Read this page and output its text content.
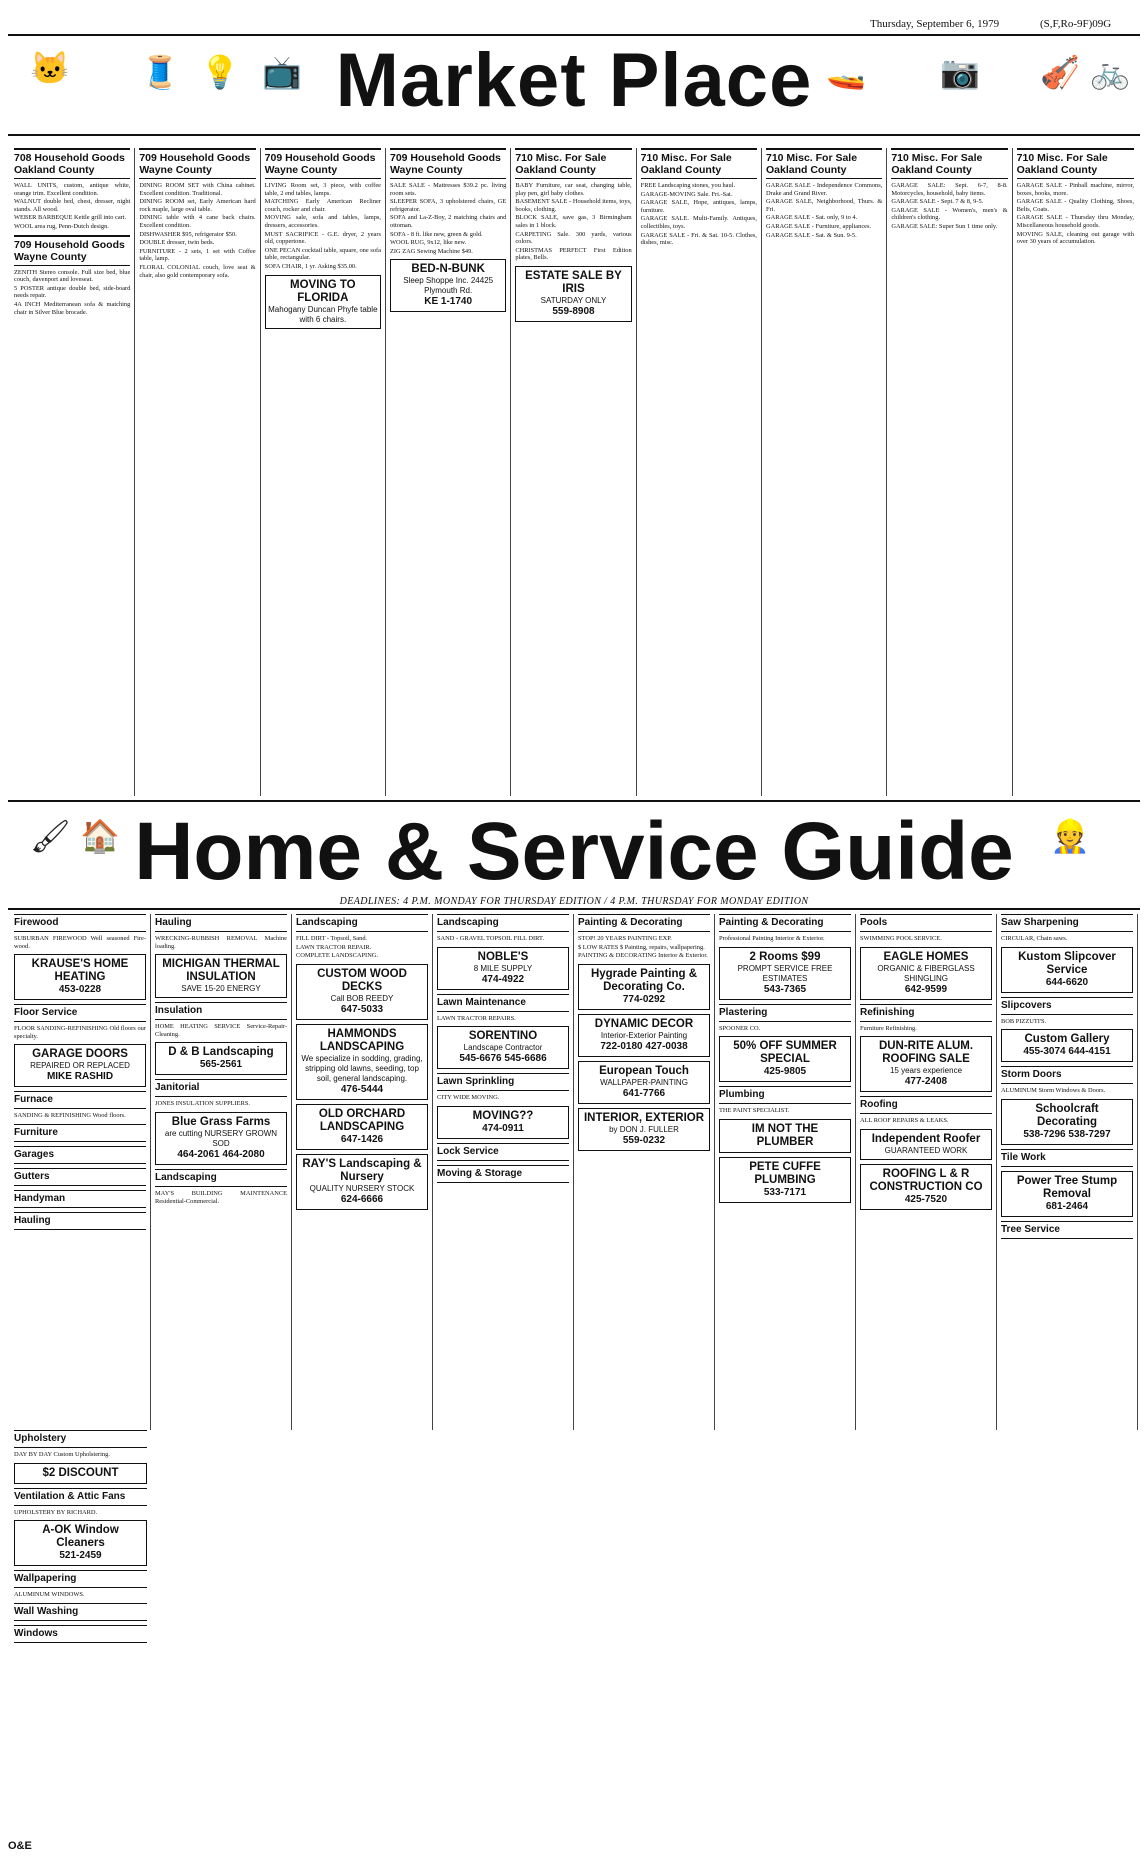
Thursday, September 6, 1979	(S,F,Ro-9F)09G
🐱 🧵 💡 📺	🚤 📷 🎻 🚲
Market Place
708 Household Goods Oakland County
WALL UNITS, custom, antique white, orange trim. Excellent condition.
WALNUT double bed, chest, dresser, night stands. All wood.
WEBER BARBEQUE Kettle grill into cart.
WOOL area rug, Penn-Dutch design.
709 Household Goods Wayne County
ZENITH Stereo console. Full size bed, blue couch, davenport and loveseat.
5 POSTER antique double bed, side-board needs repair.
4A INCH Mediterranean sofa & matching chair in Silver Blue brocade.
709 Household Goods Wayne County
DINING ROOM SET with China cabinet. Excellent condition. Traditional.
DINING ROOM set, Early American hard rock maple, large oval table.
DINING table with 4 cane back chairs. Excellent condition.
DISHWASHER $95, refrigerator $50.
DOUBLE dresser, twin beds.
FURNITURE - 2 sets, 1 set with Coffee table, lamp.
FLORAL COLONIAL couch, love seat & chair, also gold contemporary sofa.
709 Household Goods Wayne County
LIVING Room set, 3 piece, with coffee table, 2 end tables, lamps.
MATCHING Early American Recliner couch, rocker and chair.
MOVING sale, sofa and tables, lamps, dressers, accessories.
MUST SACRIFICE - G.E. dryer, 2 years old, coppertone.
ONE PECAN cocktail table, square, one sofa table, rectangular.
SOFA CHAIR, 1 yr. Asking $35.00.
MOVING TO FLORIDA
Mahogany Duncan Phyfe table with 6 chairs.
709 Household Goods Wayne County
SALE SALE - Mattresses $39.2 pc. living room sets.
SLEEPER SOFA, 3 upholstered chairs, GE refrigerator.
SOFA and La-Z-Boy, 2 matching chairs and ottoman.
SOFA - 8 ft. like new, green & gold.
WOOL RUG, 9x12, like new.
ZIG ZAG Sewing Machine $49.
BED-N-BUNK
Sleep Shoppe Inc. 24425 Plymouth Rd.
KE 1-1740
710 Misc. For Sale Oakland County
BABY Furniture, car seat, changing table, play pen, girl baby clothes.
BASEMENT SALE - Household items, toys, books, clothing.
BLOCK SALE, save gas, 3 Birmingham sales in 1 block.
CARPETING Sale. 300 yards, various colors.
CHRISTMAS PERFECT First Edition plates, Bells.
ESTATE SALE BY IRIS
SATURDAY ONLY
559-8908
710 Misc. For Sale Oakland County
FREE Landscaping stones, you haul.
GARAGE-MOVING Sale. Fri.-Sat.
GARAGE SALE, Hope, antiques, lamps, furniture.
GARAGE SALE. Multi-Family. Antiques, collectibles, toys.
GARAGE SALE - Fri. & Sat. 10-5. Clothes, dishes, misc.
710 Misc. For Sale Oakland County
GARAGE SALE - Independence Commons, Drake and Grand River.
GARAGE SALE, Neighborhood, Thurs. & Fri.
GARAGE SALE - Sat. only, 9 to 4.
GARAGE SALE - Furniture, appliances.
GARAGE SALE - Sat. & Sun. 9-5.
710 Misc. For Sale Oakland County
GARAGE SALE: Sept. 6-7, 8-8. Motorcycles, household, baby items.
GARAGE SALE - Sept. 7 & 8, 9-5.
GARAGE SALE - Women's, men's & children's clothing.
GARAGE SALE: Super Sun 1 time only.
710 Misc. For Sale Oakland County
GARAGE SALE - Pinball machine, mirror, boxes, books, more.
GARAGE SALE - Quality Clothing, Shoes, Belts, Coats.
GARAGE SALE - Thursday thru Monday, Miscellaneous household goods.
MOVING SALE, cleaning out garage with over 30 years of accumulation.
🖌 🏠	👷
Home & Service Guide
DEADLINES: 4 P.M. MONDAY FOR THURSDAY EDITION / 4 P.M. THURSDAY FOR MONDAY EDITION
Firewood
SUBURBAN FIREWOOD Well seasoned Fire-wood.
KRAUSE'S HOME HEATING
453-0228
Floor Service
FLOOR SANDING-REFINISHING Old floors our specialty.
GARAGE DOORS
REPAIRED OR REPLACED
MIKE RASHID
Furnace
SANDING & REFINISHING Wood floors.
Furniture
Garages
Gutters
Handyman
Hauling
Hauling
WRECKING-RUBBISH REMOVAL Machine loading.
MICHIGAN THERMAL INSULATION
SAVE 15-20 ENERGY
Insulation
HOME HEATING SERVICE Service-Repair-Cleaning.
D & B Landscaping
565-2561
Janitorial
JONES INSULATION SUPPLIERS.
Blue Grass Farms
are cutting NURSERY GROWN SOD
464-2061 464-2080
Landscaping
MAY'S BUILDING MAINTENANCE Residential-Commercial.
Landscaping
FILL DIRT - Topsoil, Sand.
LAWN TRACTOR REPAIR.
COMPLETE LANDSCAPING.
CUSTOM WOOD DECKS
Call BOB REEDY
647-5033
HAMMONDS LANDSCAPING
We specialize in sodding, grading, stripping old lawns, seeding, top soil, general landscaping.
476-5444
OLD ORCHARD LANDSCAPING
647-1426
RAY'S Landscaping & Nursery
QUALITY NURSERY STOCK
624-6666
Landscaping
SAND - GRAVEL TOPSOIL FILL DIRT.
NOBLE'S
8 MILE SUPPLY
474-4922
Lawn Maintenance
LAWN TRACTOR REPAIRS.
SORENTINO
Landscape Contractor
545-6676 545-6686
Lawn Sprinkling
CITY WIDE MOVING.
MOVING??
474-0911
Lock Service
Moving & Storage
Painting & Decorating
STOP! 20 YEARS PAINTING EXP.
$ LOW RATES $ Painting, repairs, wallpapering.
PAINTING & DECORATING Interior & Exterior.
Hygrade Painting & Decorating Co.
774-0292
DYNAMIC DECOR
Interior-Exterior Painting
722-0180 427-0038
European Touch
WALLPAPER-PAINTING
641-7766
INTERIOR, EXTERIOR
by DON J. FULLER
559-0232
Painting & Decorating
Professional Painting Interior & Exterior.
2 Rooms $99
PROMPT SERVICE FREE ESTIMATES
543-7365
Plastering
SPOONER CO.
50% OFF SUMMER SPECIAL
425-9805
Plumbing
THE PAINT SPECIALIST.
IM NOT THE PLUMBER
PETE CUFFE PLUMBING
533-7171
Pools
SWIMMING POOL SERVICE.
EAGLE HOMES
ORGANIC & FIBERGLASS SHINGLING
642-9599
Refinishing
Furniture Refinishing.
DUN-RITE ALUM. ROOFING SALE
15 years experience
477-2408
Roofing
ALL ROOF REPAIRS & LEAKS.
Independent Roofer
GUARANTEED WORK
ROOFING L & R CONSTRUCTION CO
425-7520
Saw Sharpening
CIRCULAR, Chain saws.
Kustom Slipcover Service
644-6620
Slipcovers
BOB PIZZUTI'S.
Custom Gallery
455-3074 644-4151
Storm Doors
ALUMINUM Storm Windows & Doors.
Schoolcraft Decorating
538-7296 538-7297
Tile Work
Power Tree Stump Removal
681-2464
Tree Service
Upholstery
DAY BY DAY Custom Upholstering.
$2 DISCOUNT
Ventilation & Attic Fans
UPHOLSTERY BY RICHARD.
A-OK Window Cleaners
521-2459
Wallpapering
ALUMINUM WINDOWS.
Wall Washing
Windows
O&E
